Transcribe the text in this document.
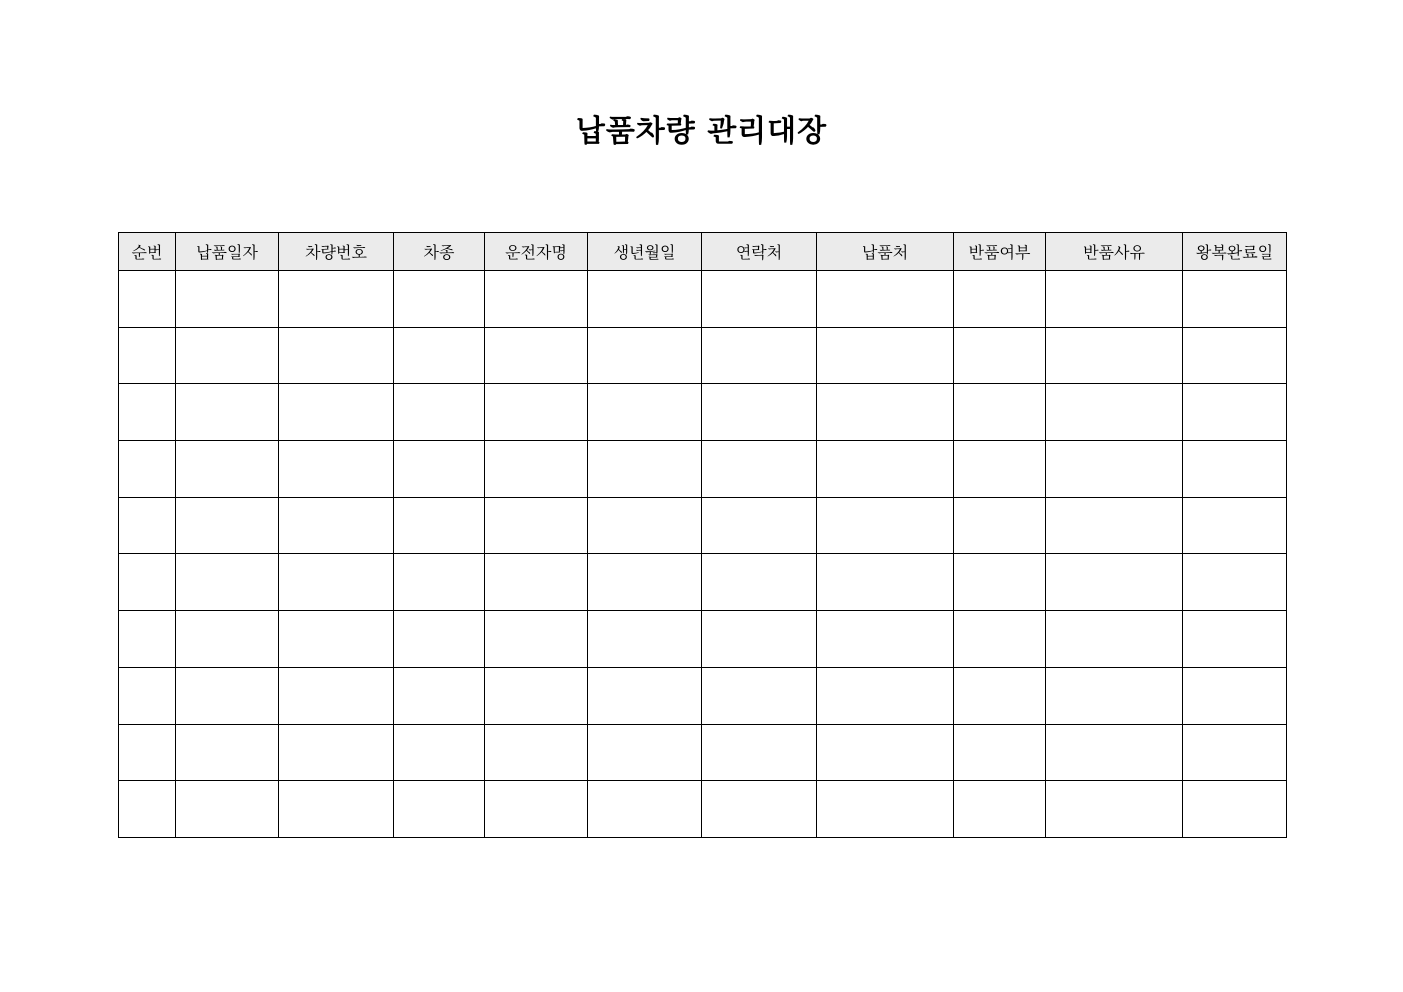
납품차량 관리대장
순번	납품일자	차량번호	차종	운전자명	생년월일	연락처	납품처	반품여부	반품사유	왕복완료일
